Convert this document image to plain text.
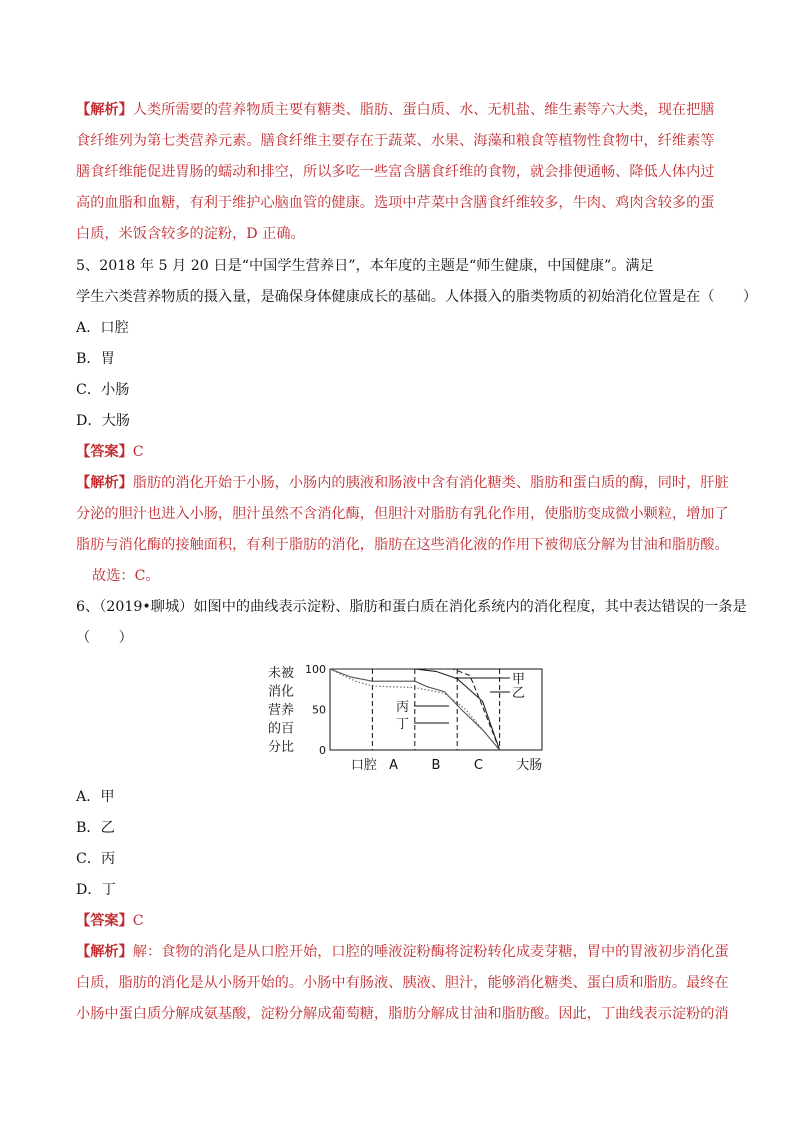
【解析】人类所需要的营养物质主要有糖类、脂肪、蛋白质、水、无机盐、维生素等六大类，现在把膳
食纤维列为第七类营养元素。膳食纤维主要存在于蔬菜、水果、海藻和粮食等植物性食物中，纤维素等
膳食纤维能促进胃肠的蠕动和排空，所以多吃一些富含膳食纤维的食物，就会排便通畅、降低人体内过
高的血脂和血糖，有利于维护心脑血管的健康。选项中芹菜中含膳食纤维较多，牛肉、鸡肉含较多的蛋
白质，米饭含较多的淀粉，D 正确。
5、2018 年 5 月 20 日是“中国学生营养日”，本年度的主题是“师生健康，中国健康”。满足
学生六类营养物质的摄入量，是确保身体健康成长的基础。人体摄入的脂类物质的初始消化位置是在（　　）
A．口腔
B．胃
C．小肠
D．大肠
【答案】C
【解析】脂肪的消化开始于小肠，小肠内的胰液和肠液中含有消化糖类、脂肪和蛋白质的酶，同时，肝脏
分泌的胆汁也进入小肠，胆汁虽然不含消化酶，但胆汁对脂肪有乳化作用，使脂肪变成微小颗粒，增加了
脂肪与消化酶的接触面积，有利于脂肪的消化，脂肪在这些消化液的作用下被彻底分解为甘油和脂肪酸。
故选：C。
6、（2019•聊城）如图中的曲线表示淀粉、脂肪和蛋白质在消化系统内的消化程度，其中表达错误的一条是
（　　）
未被
消化
营养
的百
分比
100
50
0
口腔 A	B	C	大肠
甲
乙
丙
丁
A．甲
B．乙
C．丙
D．丁
【答案】C
【解析】解：食物的消化是从口腔开始，口腔的唾液淀粉酶将淀粉转化成麦芽糖，胃中的胃液初步消化蛋
白质，脂肪的消化是从小肠开始的。小肠中有肠液、胰液、胆汁，能够消化糖类、蛋白质和脂肪。最终在
小肠中蛋白质分解成氨基酸，淀粉分解成葡萄糖，脂肪分解成甘油和脂肪酸。因此，丁曲线表示淀粉的消
